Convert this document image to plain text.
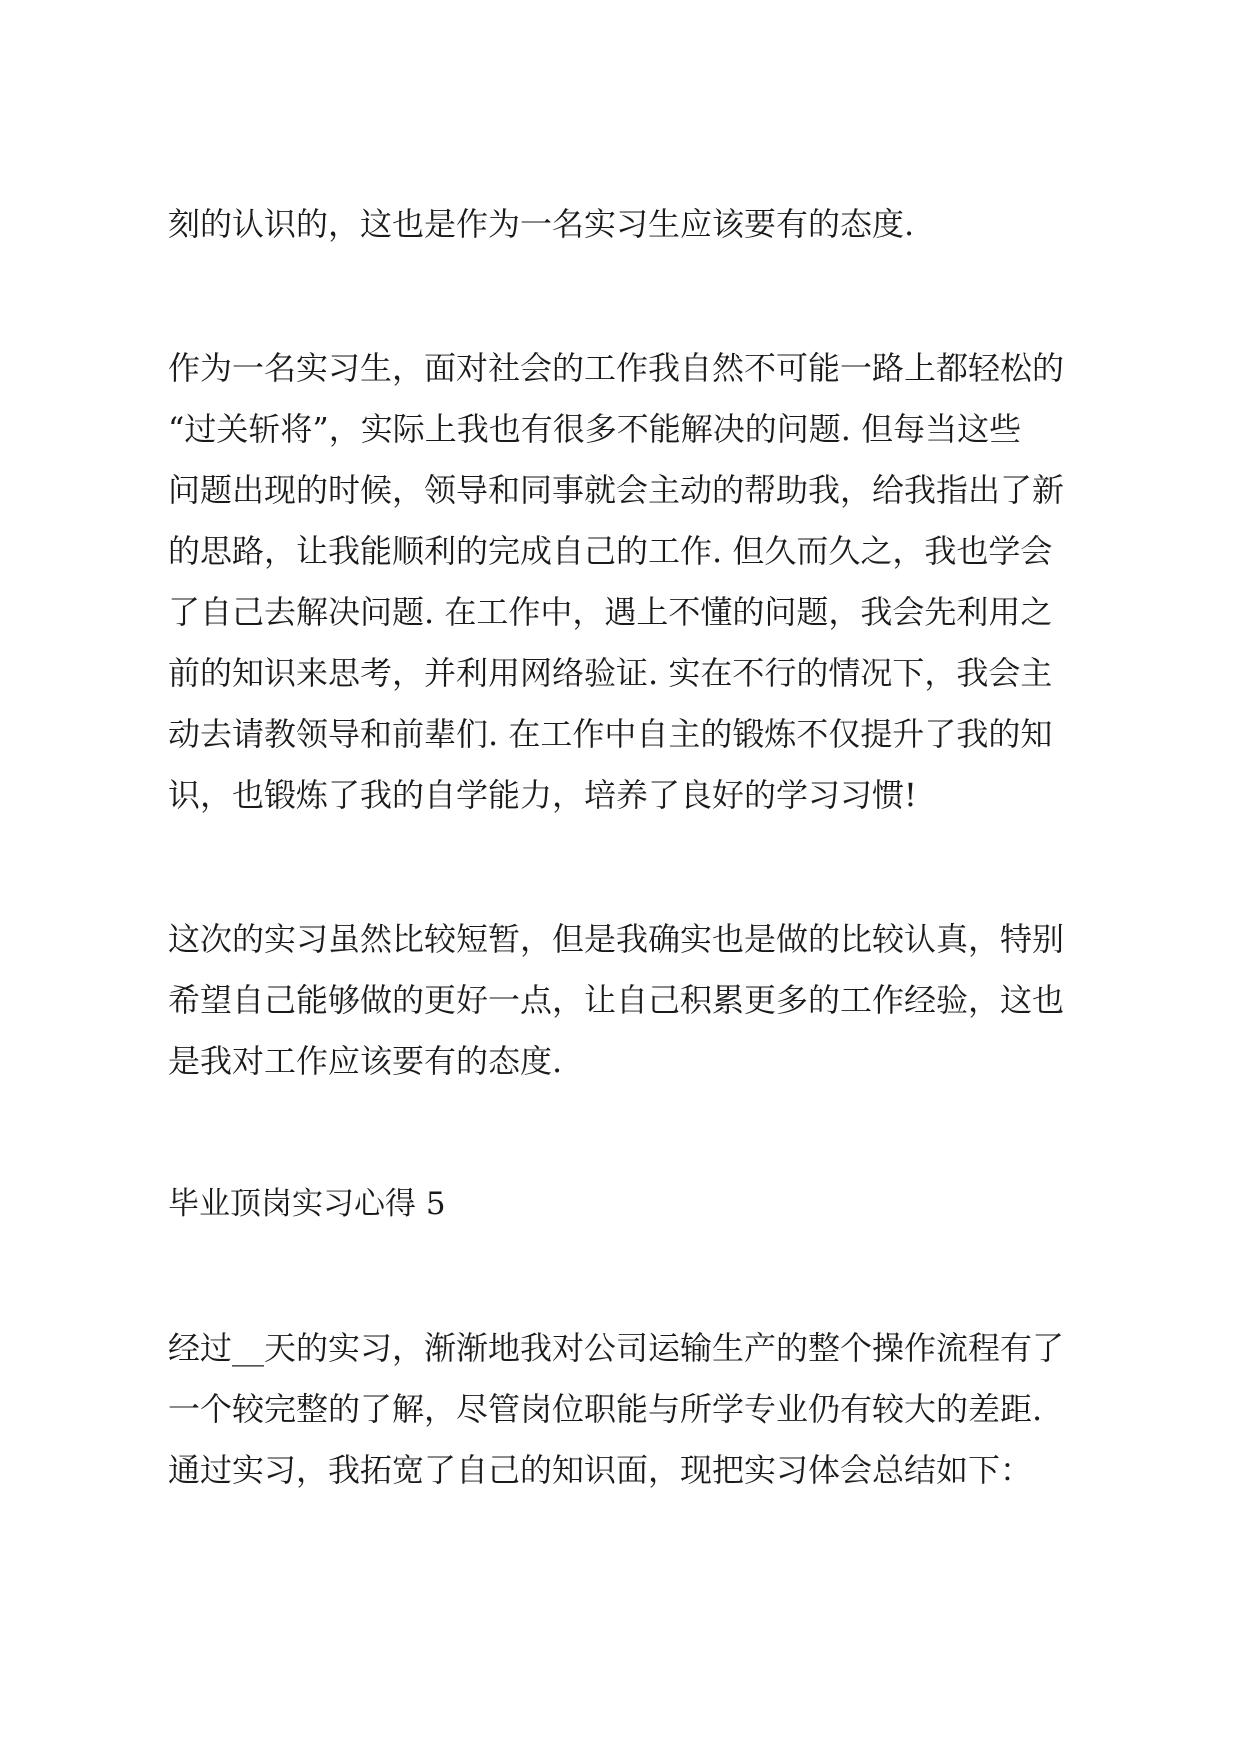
刻的认识的，这也是作为一名实习生应该要有的态度.
作为一名实习生，面对社会的工作我自然不可能一路上都轻松的
“过关斩将”，实际上我也有很多不能解决的问题. 但每当这些
问题出现的时候，领导和同事就会主动的帮助我，给我指出了新
的思路，让我能顺利的完成自己的工作. 但久而久之，我也学会
了自己去解决问题. 在工作中，遇上不懂的问题，我会先利用之
前的知识来思考，并利用网络验证. 实在不行的情况下，我会主
动去请教领导和前辈们. 在工作中自主的锻炼不仅提升了我的知
识，也锻炼了我的自学能力，培养了良好的学习习惯!
这次的实习虽然比较短暂，但是我确实也是做的比较认真，特别
希望自己能够做的更好一点，让自己积累更多的工作经验，这也
是我对工作应该要有的态度.
毕业顶岗实习心得 5
经过__天的实习，渐渐地我对公司运输生产的整个操作流程有了
一个较完整的了解，尽管岗位职能与所学专业仍有较大的差距.
通过实习，我拓宽了自己的知识面，现把实习体会总结如下：
